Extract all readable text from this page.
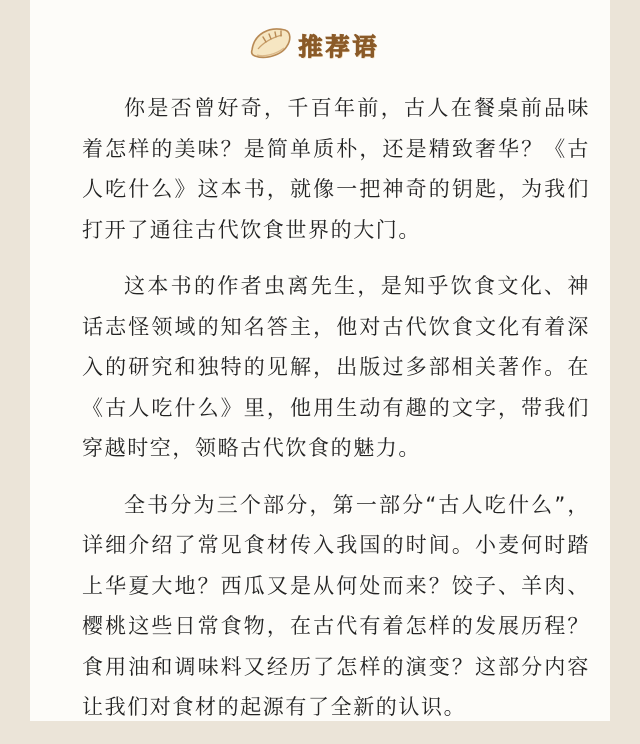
推荐语

你是否曾好奇，千百年前，古人在餐桌前品味着怎样的美味？是简单质朴，还是精致奢华？《古人吃什么》这本书，就像一把神奇的钥匙，为我们打开了通往古代饮食世界的大门。

这本书的作者虫离先生，是知乎饮食文化、神话志怪领域的知名答主，他对古代饮食文化有着深入的研究和独特的见解，出版过多部相关著作。在《古人吃什么》里，他用生动有趣的文字，带我们穿越时空，领略古代饮食的魅力。

全书分为三个部分，第一部分“古人吃什么”，详细介绍了常见食材传入我国的时间。小麦何时踏上华夏大地？西瓜又是从何处而来？饺子、羊肉、樱桃这些日常食物，在古代有着怎样的发展历程？食用油和调味料又经历了怎样的演变？这部分内容让我们对食材的起源有了全新的认识。
